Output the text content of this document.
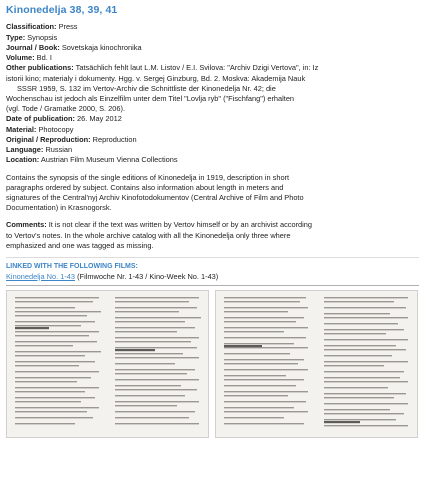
Kinonedelja 38, 39, 41
Classification: Press
Type: Synopsis
Journal / Book: Sovetskaja kinochronika
Volume: Bd. I
Other publications: Tatsächlich fehlt laut L.M. Listov / E.I. Svilova: "Archiv Dzigi Vertova", in: Iz
istorii kino; materialy i dokumenty. Hgg. v. Sergej Ginzburg, Bd. 2. Moskva: Akademija Nauk
SSSR 1959, S. 132 im Vertov-Archiv die Schnittliste der Kinonedelja Nr. 42; die
Wochenschau ist jedoch als Einzelfilm unter dem Titel "Lovlja ryb" ("Fischfang") erhalten
(vgl. Tode / Gramatke 2000, S. 206).
Date of publication: 26. May 2012
Material: Photocopy
Original / Reproduction: Reproduction
Language: Russian
Location: Austrian Film Museum Vienna Collections
Contains the synopsis of the single editions of Kinonedelja in 1919, description in short
paragraphs ordered by subject. Contains also information about length in meters and
signatures of the Central'nyj Archiv Kinofotodokumentov (Central Archive of Film and Photo
Documentation) in Krasnogorsk.
Comments: It is not clear if the text was written by Vertov himself or by an archivist according
to Vertov's notes. In the whole archive catalog with all the Kinonedelja only three where
emphasized and one was tagged as missing.
LINKED WITH THE FOLLOWING FILMS:
Kinonedelja No. 1-43 (Filmwoche Nr. 1-43 / Kino-Week No. 1-43)
